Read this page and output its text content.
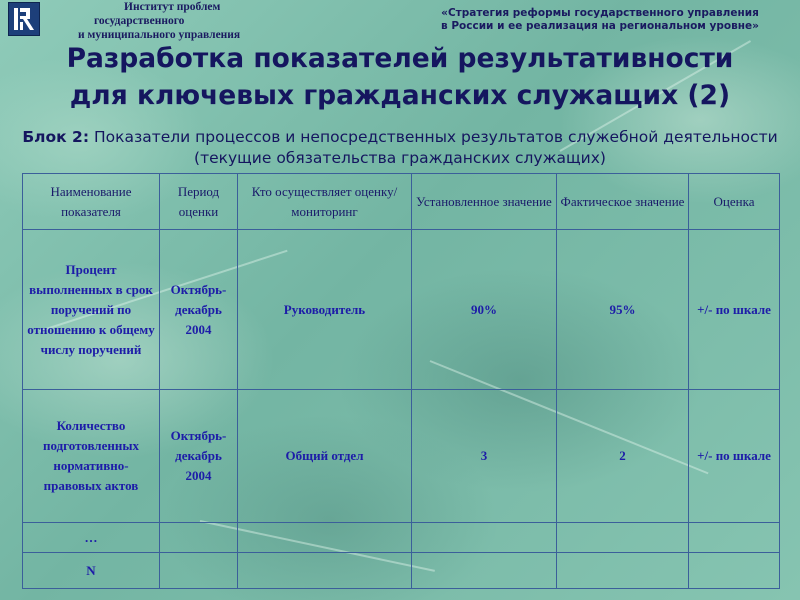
Институт проблем
государственного
и муниципального управления
«Стратегия реформы государственного управления
в России и ее реализация на региональном уровне»
Разработка показателей результативности
для ключевых гражданских служащих (2)
Блок 2: Показатели процессов и непосредственных результатов служебной деятельности (текущие обязательства гражданских служащих)
Наименование показателя	Период оценки	Кто осуществляет оценку/мониторинг	Установленное значение	Фактическое значение	Оценка
Процент выполненных в срок поручений по отношению к общему числу поручений	Октябрь-декабрь 2004	Руководитель	90%	95%	+/- по шкале
Количество подготовленных нормативно-правовых актов	Октябрь-декабрь 2004	Общий отдел	3	2	+/- по шкале
…					
N					
